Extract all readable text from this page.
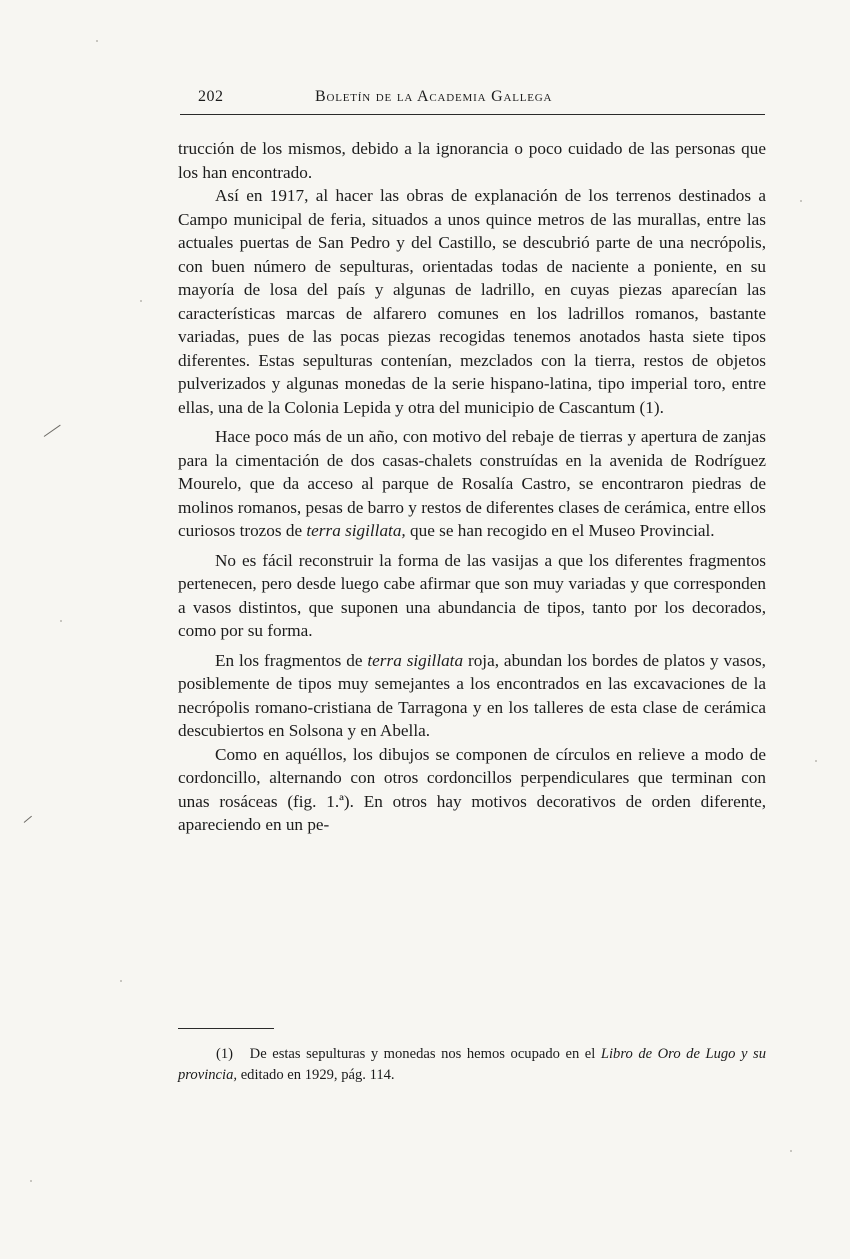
202	Boletín de la Academia Gallega

trucción de los mismos, debido a la ignorancia o poco cuidado de las personas que los han encontrado.

Así en 1917, al hacer las obras de explanación de los terrenos destinados a Campo municipal de feria, situados a unos quince metros de las murallas, entre las actuales puertas de San Pedro y del Castillo, se descubrió parte de una necrópolis, con buen número de sepulturas, orientadas todas de naciente a poniente, en su mayoría de losa del país y algunas de ladrillo, en cuyas piezas aparecían las características marcas de alfarero comunes en los ladrillos romanos, bastante variadas, pues de las pocas piezas recogidas tenemos anotados hasta siete tipos diferentes. Estas sepulturas contenían, mezclados con la tierra, restos de objetos pulverizados y algunas monedas de la serie hispano-latina, tipo imperial toro, entre ellas, una de la Colonia Lepida y otra del municipio de Cascantum (1).

Hace poco más de un año, con motivo del rebaje de tierras y apertura de zanjas para la cimentación de dos casas-chalets construídas en la avenida de Rodríguez Mourelo, que da acceso al parque de Rosalía Castro, se encontraron piedras de molinos romanos, pesas de barro y restos de diferentes clases de cerámica, entre ellos curiosos trozos de terra sigillata, que se han recogido en el Museo Provincial.

No es fácil reconstruir la forma de las vasijas a que los diferentes fragmentos pertenecen, pero desde luego cabe afirmar que son muy variadas y que corresponden a vasos distintos, que suponen una abundancia de tipos, tanto por los decorados, como por su forma.

En los fragmentos de terra sigillata roja, abundan los bordes de platos y vasos, posiblemente de tipos muy semejantes a los encontrados en las excavaciones de la necrópolis romano-cristiana de Tarragona y en los talleres de esta clase de cerámica descubiertos en Solsona y en Abella.

Como en aquéllos, los dibujos se componen de círculos en relieve a modo de cordoncillo, alternando con otros cordoncillos perpendiculares que terminan con unas rosáceas (fig. 1.ª). En otros hay motivos decorativos de orden diferente, apareciendo en un pe-

(1) De estas sepulturas y monedas nos hemos ocupado en el Libro de Oro de Lugo y su provincia, editado en 1929, pág. 114.
